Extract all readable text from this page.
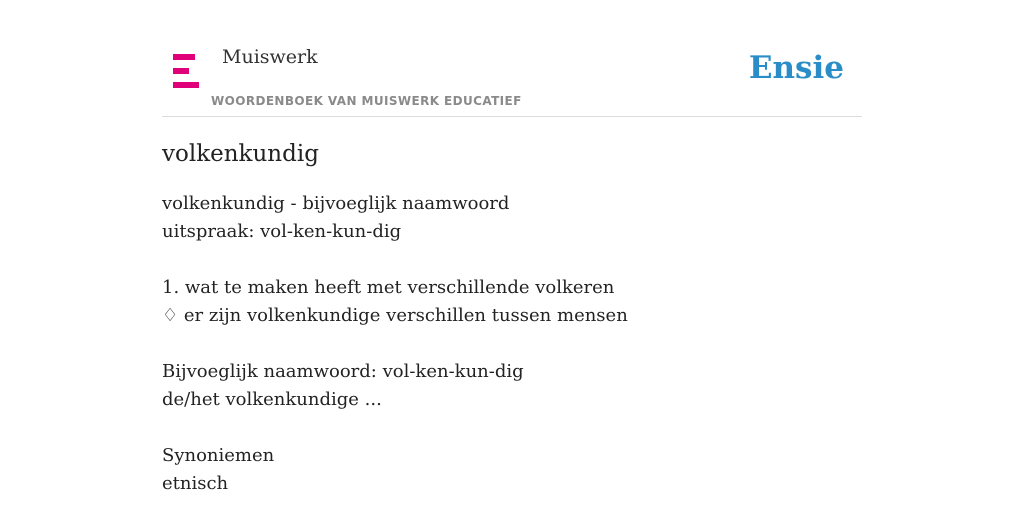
Muiswerk
WOORDENBOEK VAN MUISWERK EDUCATIEF
Ensie
volkenkundig
volkenkundig - bijvoeglijk naamwoord
uitspraak: vol-ken-kun-dig
1. wat te maken heeft met verschillende volkeren
♢ er zijn volkenkundige verschillen tussen mensen
Bijvoeglijk naamwoord: vol-ken-kun-dig
de/het volkenkundige ...
Synoniemen
etnisch
